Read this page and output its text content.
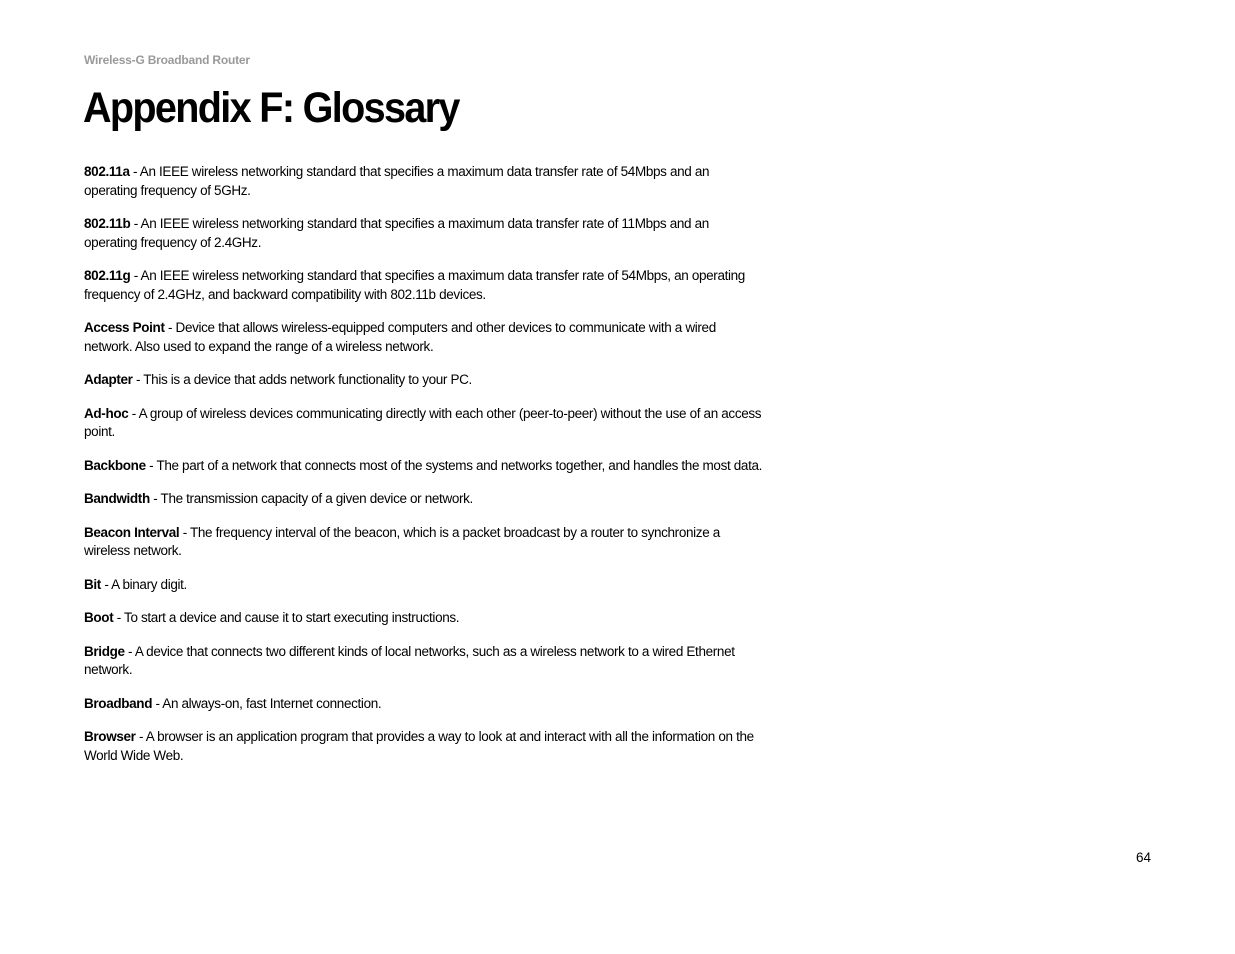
Wireless-G Broadband Router
Appendix F: Glossary

802.11a - An IEEE wireless networking standard that specifies a maximum data transfer rate of 54Mbps and an operating frequency of 5GHz.

802.11b - An IEEE wireless networking standard that specifies a maximum data transfer rate of 11Mbps and an operating frequency of 2.4GHz.

802.11g - An IEEE wireless networking standard that specifies a maximum data transfer rate of 54Mbps, an operating frequency of 2.4GHz, and backward compatibility with 802.11b devices.

Access Point - Device that allows wireless-equipped computers and other devices to communicate with a wired network. Also used to expand the range of a wireless network.

Adapter - This is a device that adds network functionality to your PC.

Ad-hoc - A group of wireless devices communicating directly with each other (peer-to-peer) without the use of an access point.

Backbone - The part of a network that connects most of the systems and networks together, and handles the most data.

Bandwidth - The transmission capacity of a given device or network.

Beacon Interval - The frequency interval of the beacon, which is a packet broadcast by a router to synchronize a wireless network.

Bit - A binary digit.

Boot - To start a device and cause it to start executing instructions.

Bridge - A device that connects two different kinds of local networks, such as a wireless network to a wired Ethernet network.

Broadband - An always-on, fast Internet connection.

Browser - A browser is an application program that provides a way to look at and interact with all the information on the World Wide Web.

64
